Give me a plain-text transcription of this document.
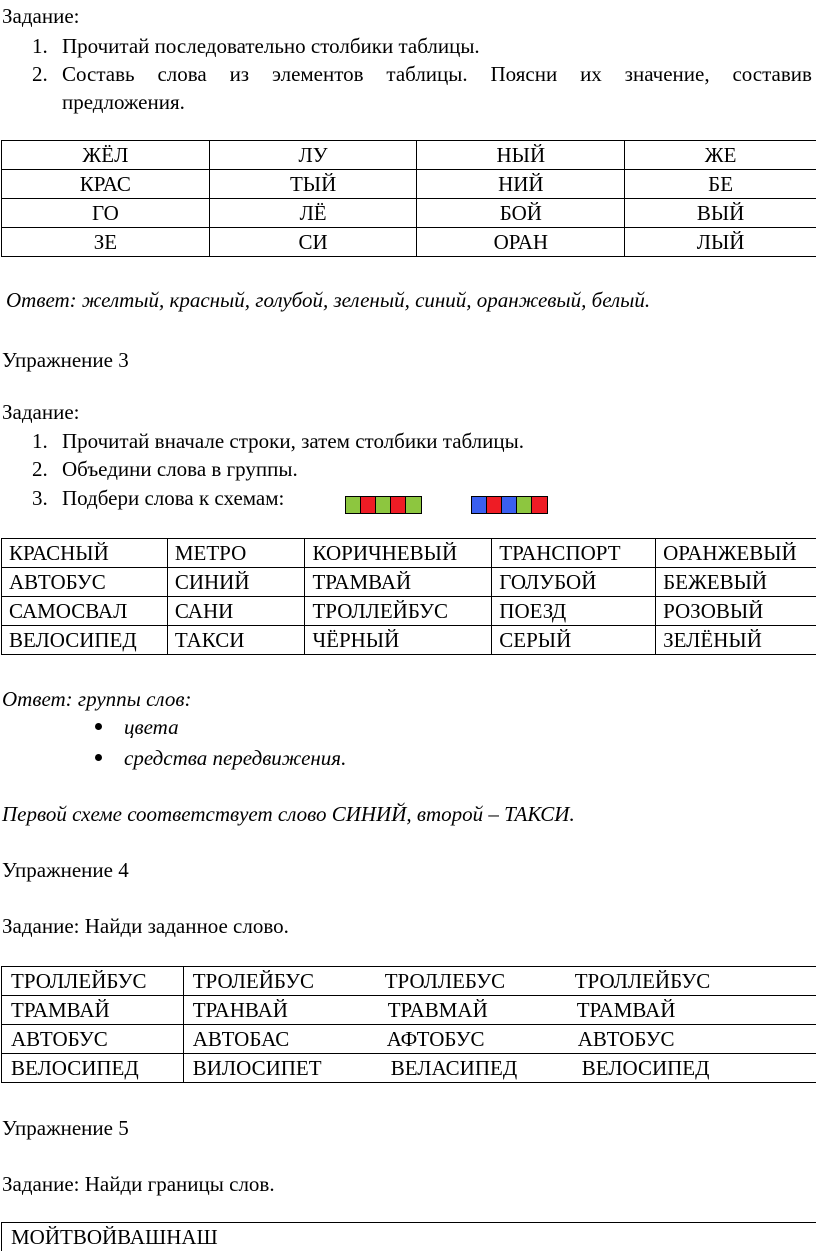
Задание:
1. Прочитай последовательно столбики таблицы.
2. Составь слова из элементов таблицы. Поясни их значение, составив
предложения.
ЖЁЛ	ЛУ	НЫЙ	ЖЕ
КРАС	ТЫЙ	НИЙ	БЕ
ГО	ЛЁ	БОЙ	ВЫЙ
ЗЕ	СИ	ОРАН	ЛЫЙ
Ответ: желтый, красный, голубой, зеленый, синий, оранжевый, белый.
Упражнение 3
Задание:
1. Прочитай вначале строки, затем столбики таблицы.
2. Объедини слова в группы.
3. Подбери слова к схемам:
КРАСНЫЙ	МЕТРО	КОРИЧНЕВЫЙ	ТРАНСПОРТ	ОРАНЖЕВЫЙ
АВТОБУС	СИНИЙ	ТРАМВАЙ	ГОЛУБОЙ	БЕЖЕВЫЙ
САМОСВАЛ	САНИ	ТРОЛЛЕЙБУС	ПОЕЗД	РОЗОВЫЙ
ВЕЛОСИПЕД	ТАКСИ	ЧЁРНЫЙ	СЕРЫЙ	ЗЕЛЁНЫЙ
Ответ: группы слов:
цвета
средства передвижения.
Первой схеме соответствует слово СИНИЙ, второй – ТАКСИ.
Упражнение 4
Задание: Найди заданное слово.
ТРОЛЛЕЙБУС	ТРОЛЕЙБУС ТРОЛЛЕБУС ТРОЛЛЕЙБУС
ТРАМВАЙ	ТРАНВАЙ ТРАВМАЙ ТРАМВАЙ
АВТОБУС	АВТОБАС АФТОБУС АВТОБУС
ВЕЛОСИПЕД	ВИЛОСИПЕТ ВЕЛАСИПЕД ВЕЛОСИПЕД
Упражнение 5
Задание: Найди границы слов.
МОЙТВОЙВАШНАШ
